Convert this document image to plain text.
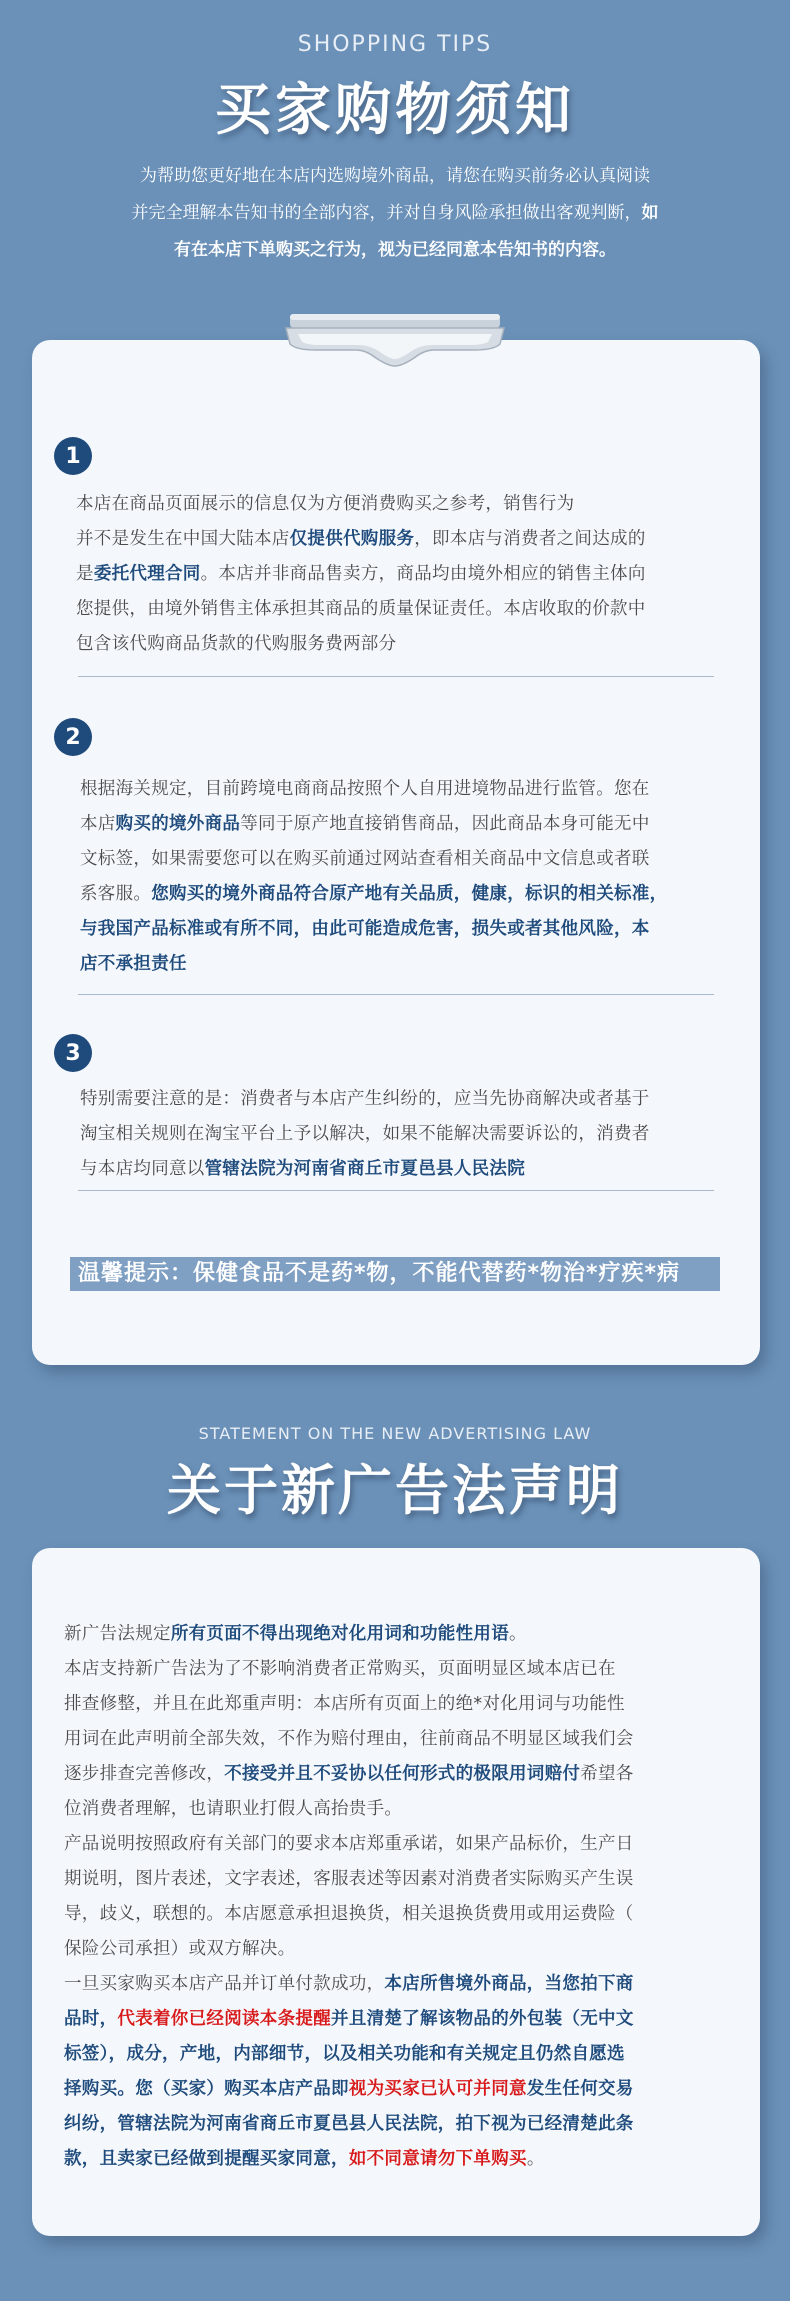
SHOPPING TIPS
买家购物须知
为帮助您更好地在本店内选购境外商品，请您在购买前务必认真阅读
并完全理解本告知书的全部内容，并对自身风险承担做出客观判断，如
有在本店下单购买之行为，视为已经同意本告知书的内容。
1
本店在商品页面展示的信息仅为方便消费购买之参考，销售行为
并不是发生在中国大陆本店仅提供代购服务，即本店与消费者之间达成的
是委托代理合同。本店并非商品售卖方，商品均由境外相应的销售主体向
您提供，由境外销售主体承担其商品的质量保证责任。本店收取的价款中
包含该代购商品货款的代购服务费两部分
2
根据海关规定，目前跨境电商商品按照个人自用进境物品进行监管。您在
本店购买的境外商品等同于原产地直接销售商品，因此商品本身可能无中
文标签，如果需要您可以在购买前通过网站查看相关商品中文信息或者联
系客服。您购买的境外商品符合原产地有关品质，健康，标识的相关标准，
与我国产品标准或有所不同，由此可能造成危害，损失或者其他风险，本
店不承担责任
3
特别需要注意的是：消费者与本店产生纠纷的，应当先协商解决或者基于
淘宝相关规则在淘宝平台上予以解决，如果不能解决需要诉讼的，消费者
与本店均同意以管辖法院为河南省商丘市夏邑县人民法院
温馨提示：保健食品不是药*物，不能代替药*物治*疗疾*病
STATEMENT ON THE NEW ADVERTISING LAW
关于新广告法声明
新广告法规定所有页面不得出现绝对化用词和功能性用语。
本店支持新广告法为了不影响消费者正常购买，页面明显区域本店已在
排查修整，并且在此郑重声明：本店所有页面上的绝*对化用词与功能性
用词在此声明前全部失效，不作为赔付理由，往前商品不明显区域我们会
逐步排查完善修改，不接受并且不妥协以任何形式的极限用词赔付希望各
位消费者理解，也请职业打假人高抬贵手。
产品说明按照政府有关部门的要求本店郑重承诺，如果产品标价，生产日
期说明，图片表述，文字表述，客服表述等因素对消费者实际购买产生误
导，歧义，联想的。本店愿意承担退换货，相关退换货费用或用运费险（
保险公司承担）或双方解决。
一旦买家购买本店产品并订单付款成功，本店所售境外商品，当您拍下商
品时，代表着你已经阅读本条提醒并且清楚了解该物品的外包装（无中文
标签），成分，产地，内部细节，以及相关功能和有关规定且仍然自愿选
择购买。您（买家）购买本店产品即视为买家已认可并同意发生任何交易
纠纷，管辖法院为河南省商丘市夏邑县人民法院，拍下视为已经清楚此条
款，且卖家已经做到提醒买家同意，如不同意请勿下单购买。
